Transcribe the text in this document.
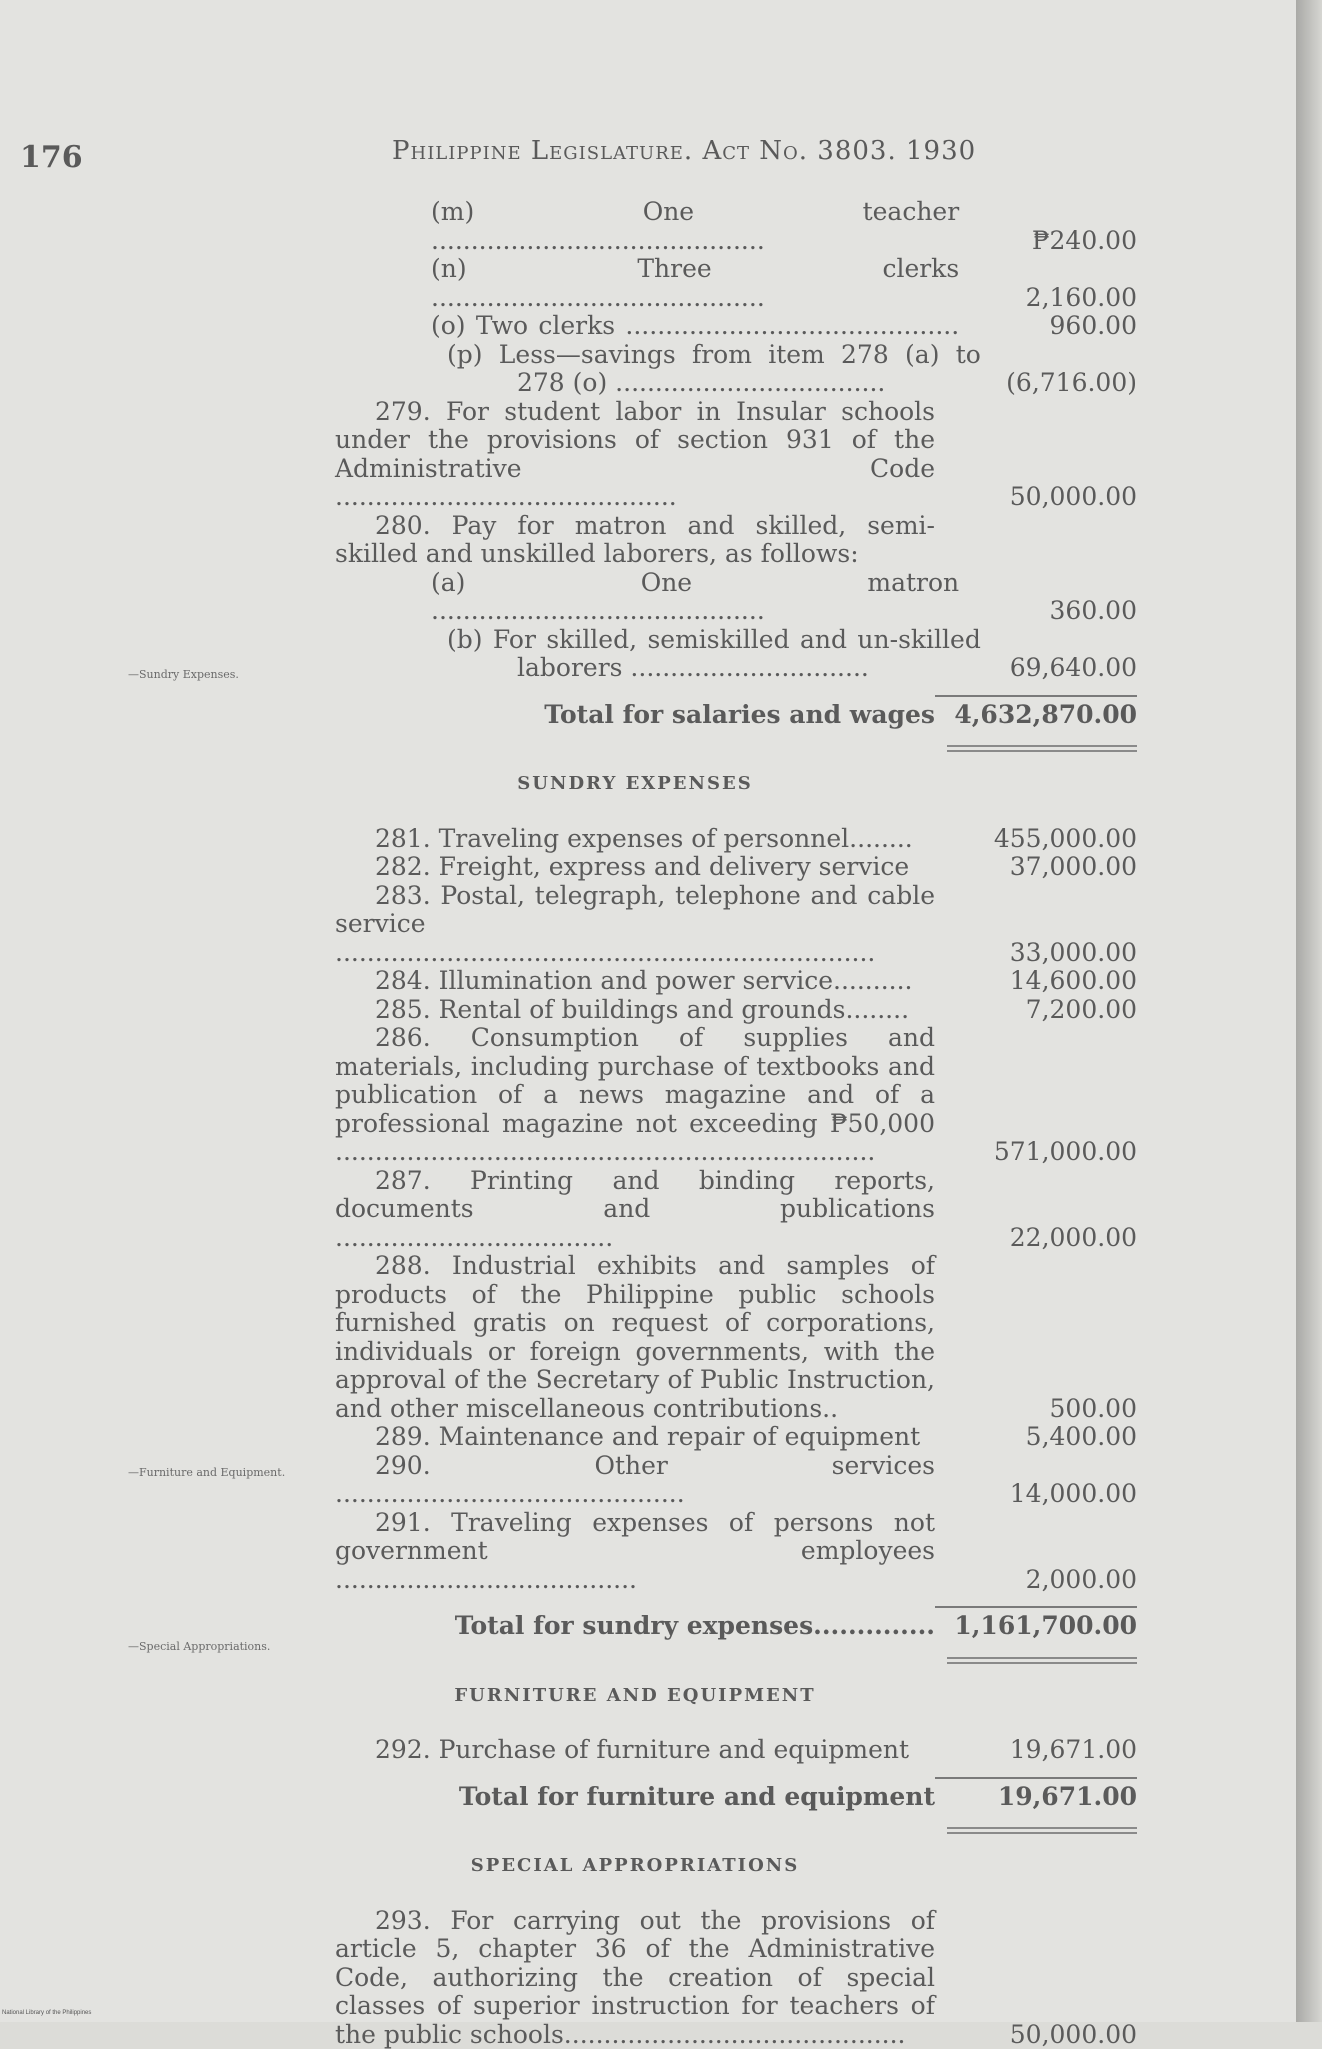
176	Philippine Legislature. Act No. 3803. 1930
—Sundry Expenses.
—Furniture and Equipment.
—Special Appropriations.
(m) One teacher ..........................................	₱240.00
(n) Three clerks ..........................................	2,160.00
(o) Two clerks ..........................................	960.00
(p) Less—savings from item 278 (a) to 278 (o) ..................................	(6,716.00)
279. For student labor in Insular schools under the provisions of section 931 of the Administrative Code ...........................................	50,000.00
280. Pay for matron and skilled, semi-skilled and unskilled laborers, as follows:
(a) One matron ..........................................	360.00
(b) For skilled, semiskilled and un-skilled laborers ..............................	69,640.00
Total for salaries and wages 4,632,870.00
SUNDRY EXPENSES
281. Traveling expenses of personnel........	455,000.00
282. Freight, express and delivery service	37,000.00
283. Postal, telegraph, telephone and cable service ....................................................................	33,000.00
284. Illumination and power service..........	14,600.00
285. Rental of buildings and grounds........	7,200.00
286. Consumption of supplies and materials, including purchase of textbooks and publication of a news magazine and of a professional magazine not exceeding ₱50,000 ....................................................................	571,000.00
287. Printing and binding reports, documents and publications ...................................	22,000.00
288. Industrial exhibits and samples of products of the Philippine public schools furnished gratis on request of corporations, individuals or foreign governments, with the approval of the Secretary of Public Instruction, and other miscellaneous contributions..	500.00
289. Maintenance and repair of equipment	5,400.00
290. Other services ............................................	14,000.00
291. Traveling expenses of persons not government employees ......................................	2,000.00
Total for sundry expenses.............. 1,161,700.00
FURNITURE AND EQUIPMENT
292. Purchase of furniture and equipment	19,671.00
Total for furniture and equipment	19,671.00
SPECIAL APPROPRIATIONS
293. For carrying out the provisions of article 5, chapter 36 of the Administrative Code, authorizing the creation of special classes of superior instruction for teachers of the public schools...........................................	50,000.00
National Library of the Philippines
